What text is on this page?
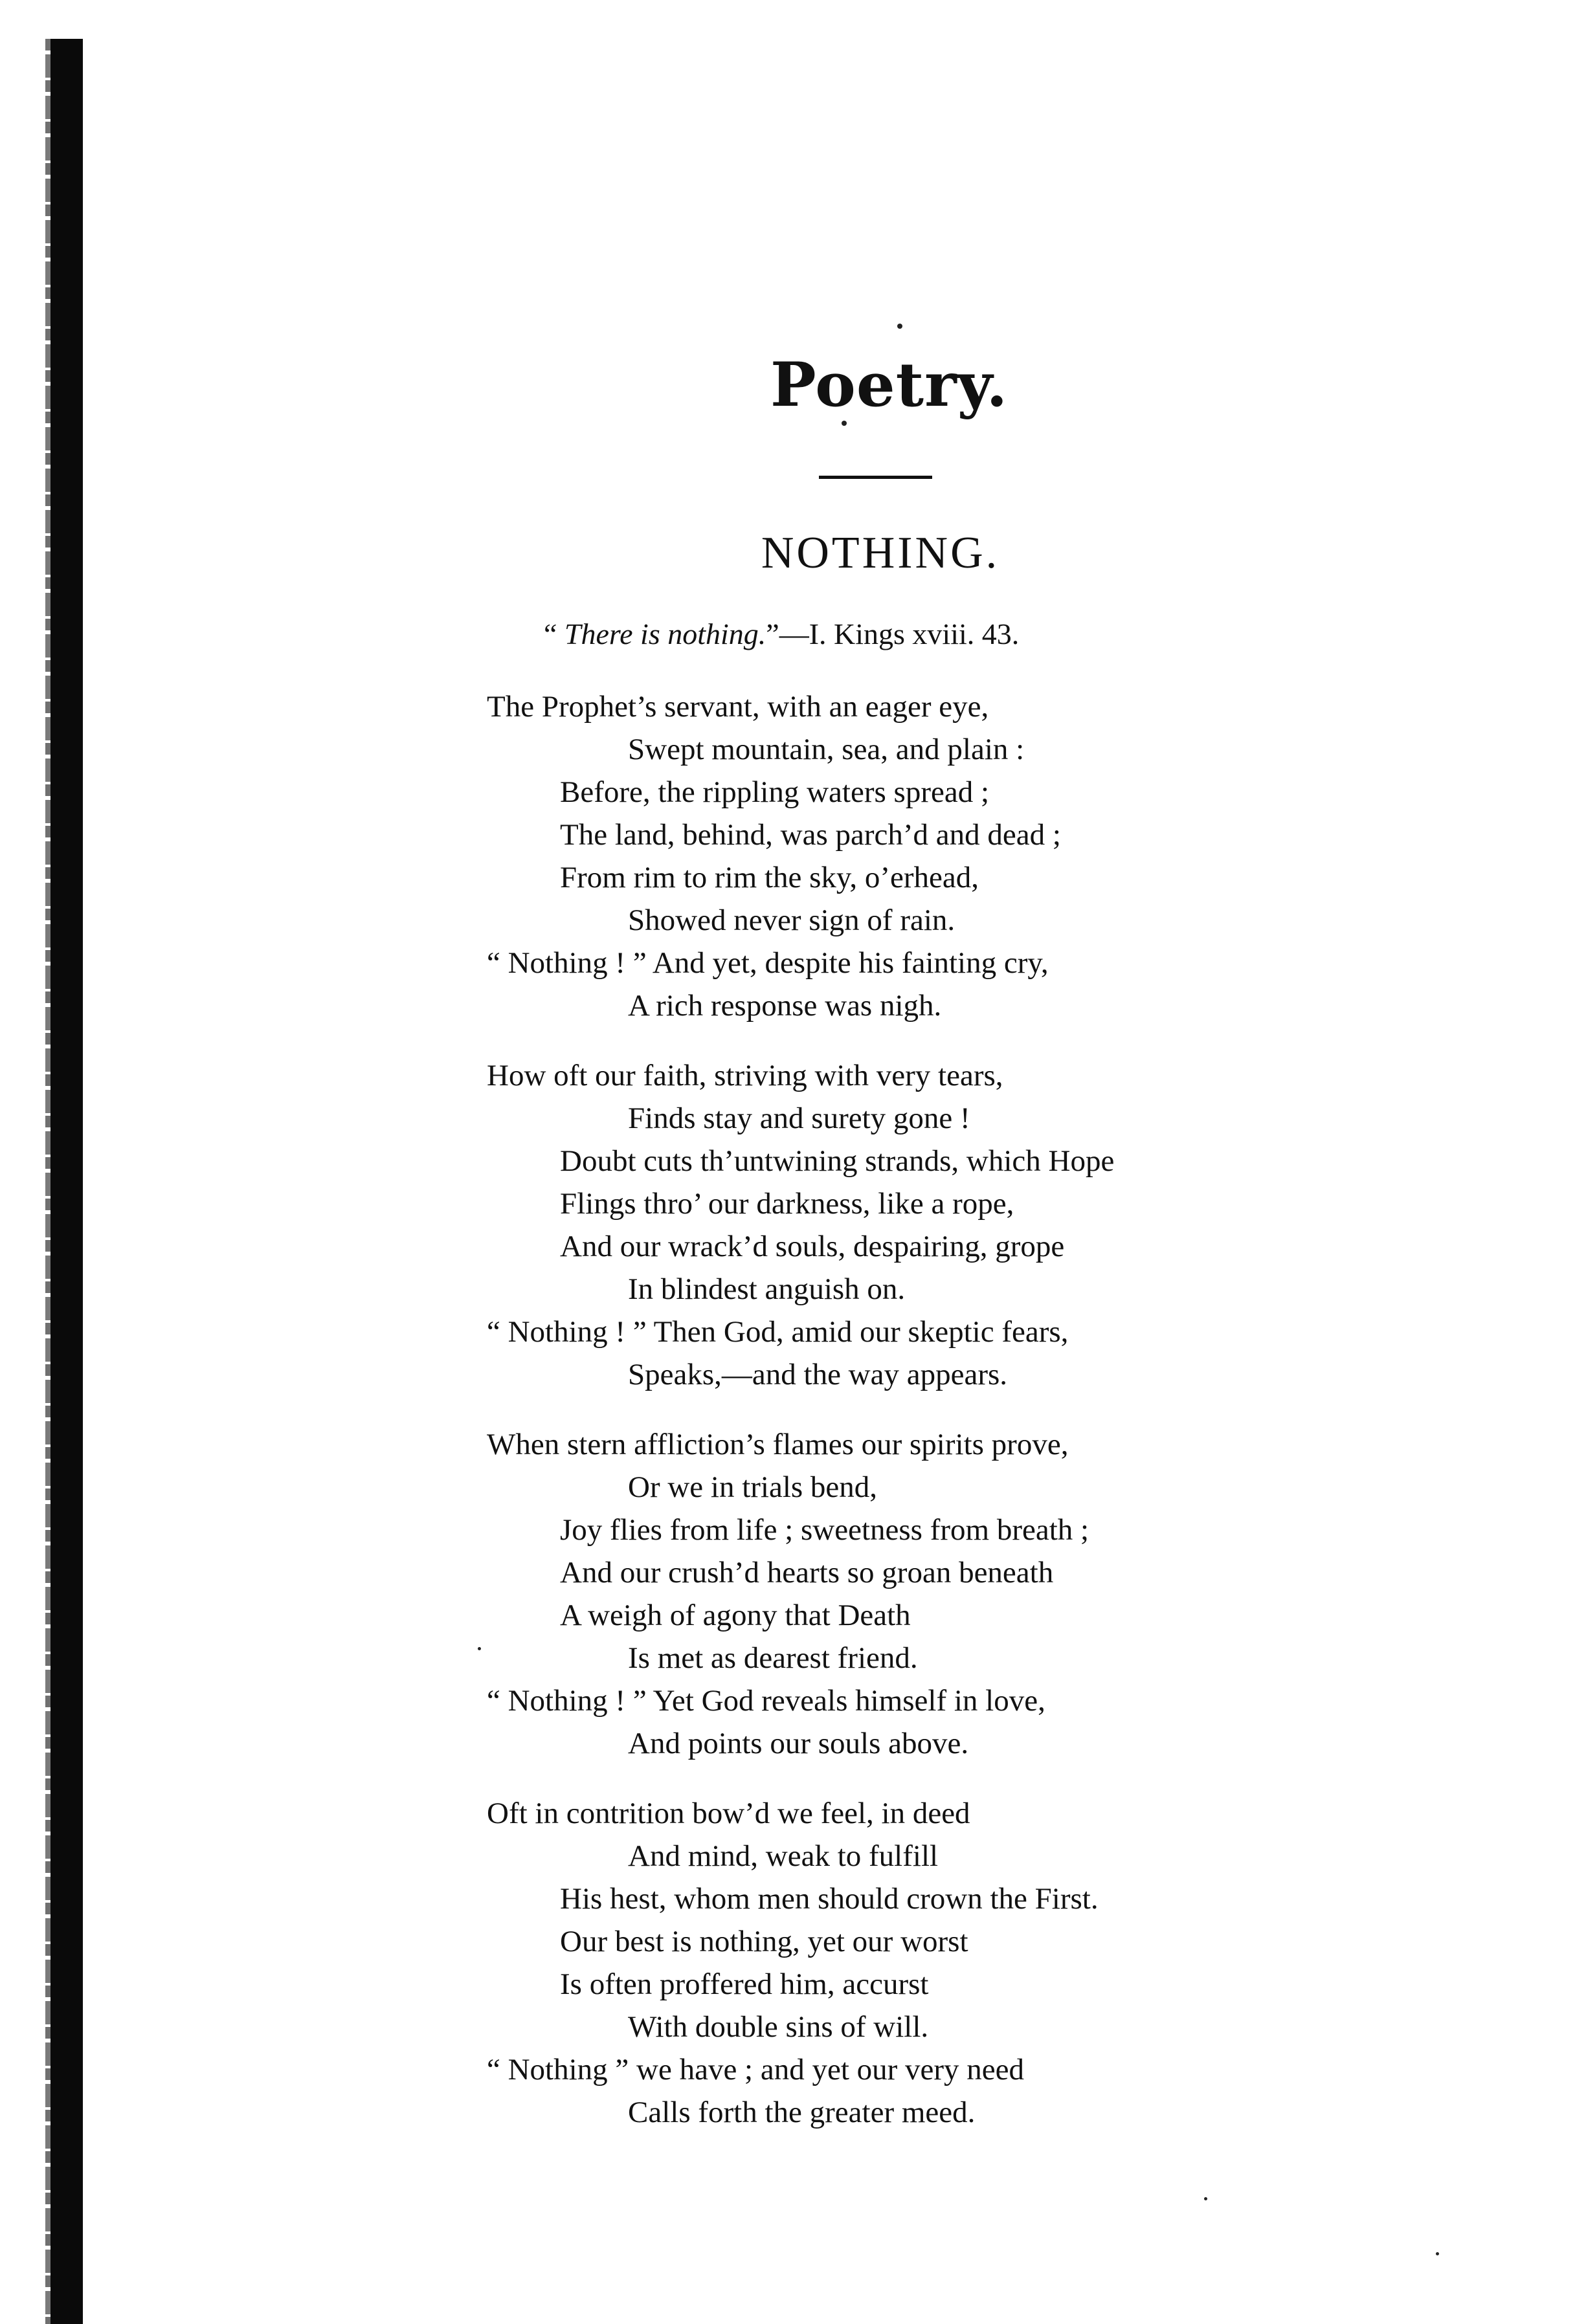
Poetry.
NOTHING.
“ There is nothing.”—I. Kings xviii. 43.
The Prophet’s servant, with an eager eye,
Swept mountain, sea, and plain :
Before, the rippling waters spread ;
The land, behind, was parch’d and dead ;
From rim to rim the sky, o’erhead,
Showed never sign of rain.
“ Nothing ! ” And yet, despite his fainting cry,
A rich response was nigh.
How oft our faith, striving with very tears,
Finds stay and surety gone !
Doubt cuts th’untwining strands, which Hope
Flings thro’ our darkness, like a rope,
And our wrack’d souls, despairing, grope
In blindest anguish on.
“ Nothing ! ” Then God, amid our skeptic fears,
Speaks,—and the way appears.
When stern affliction’s flames our spirits prove,
Or we in trials bend,
Joy flies from life ; sweetness from breath ;
And our crush’d hearts so groan beneath
A weigh of agony that Death
Is met as dearest friend.
“ Nothing ! ” Yet God reveals himself in love,
And points our souls above.
Oft in contrition bow’d we feel, in deed
And mind, weak to fulfill
His hest, whom men should crown the First.
Our best is nothing, yet our worst
Is often proffered him, accurst
With double sins of will.
“ Nothing ” we have ; and yet our very need
Calls forth the greater meed.
